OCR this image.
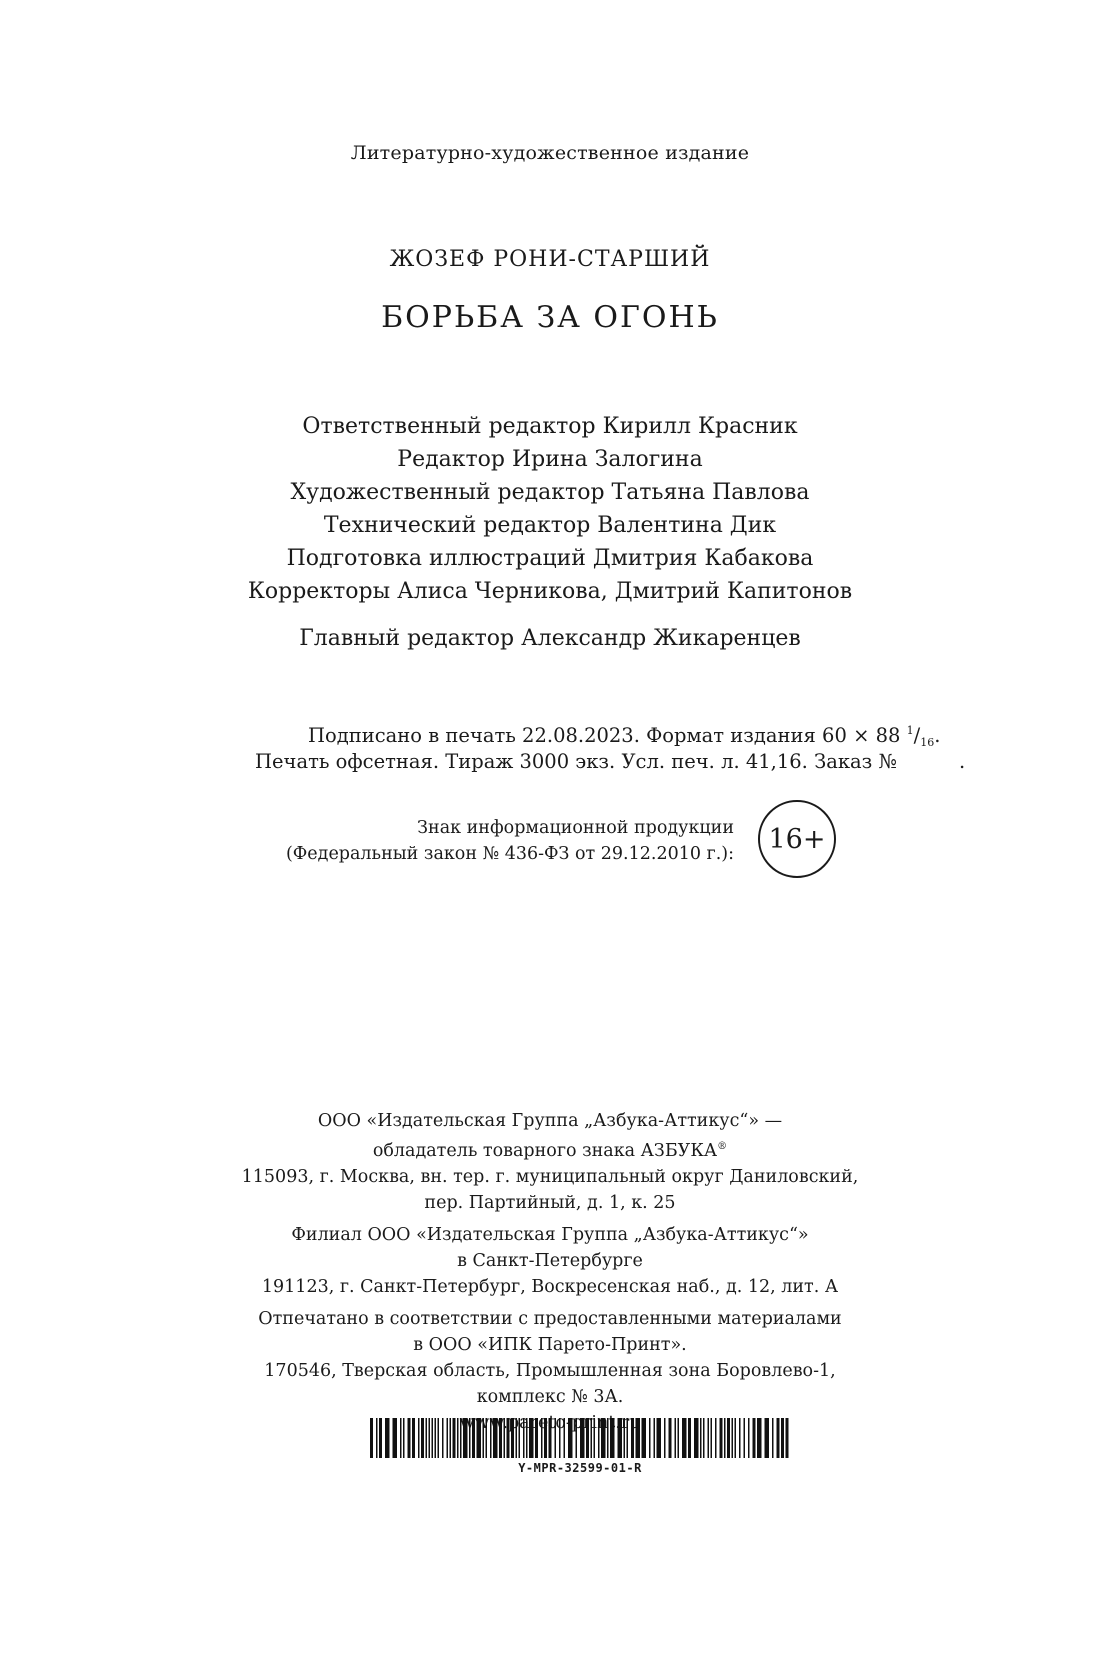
Литературно-художественное издание
ЖОЗЕФ РОНИ-СТАРШИЙ
БОРЬБА ЗА ОГОНЬ
Ответственный редактор Кирилл Красник
Редактор Ирина Залогина
Художественный редактор Татьяна Павлова
Технический редактор Валентина Дик
Подготовка иллюстраций Дмитрия Кабакова
Корректоры Алиса Черникова, Дмитрий Капитонов
Главный редактор Александр Жикаренцев
Подписано в печать 22.08.2023. Формат издания 60 × 88 $^1/_{16}$.
Печать офсетная. Тираж 3000 экз. Усл. печ. л. 41,16. Заказ №	.
Знак информационной продукции
(Федеральный закон № 436-ФЗ от 29.12.2010 г.): 16+
ООО «Издательская Группа „Азбука-Аттикус“» —
обладатель товарного знака АЗБУКА®
115093, г. Москва, вн. тер. г. муниципальный округ Даниловский,
пер. Партийный, д. 1, к. 25
Филиал ООО «Издательская Группа „Азбука-Аттикус“»
в Санкт-Петербурге
191123, г. Санкт-Петербург, Воскресенская наб., д. 12, лит. А
Отпечатано в соответствии с предоставленными материалами
в ООО «ИПК Парето-Принт».
170546, Тверская область, Промышленная зона Боровлево-1,
комплекс № 3А.
Y-MPR-32599-01-R
